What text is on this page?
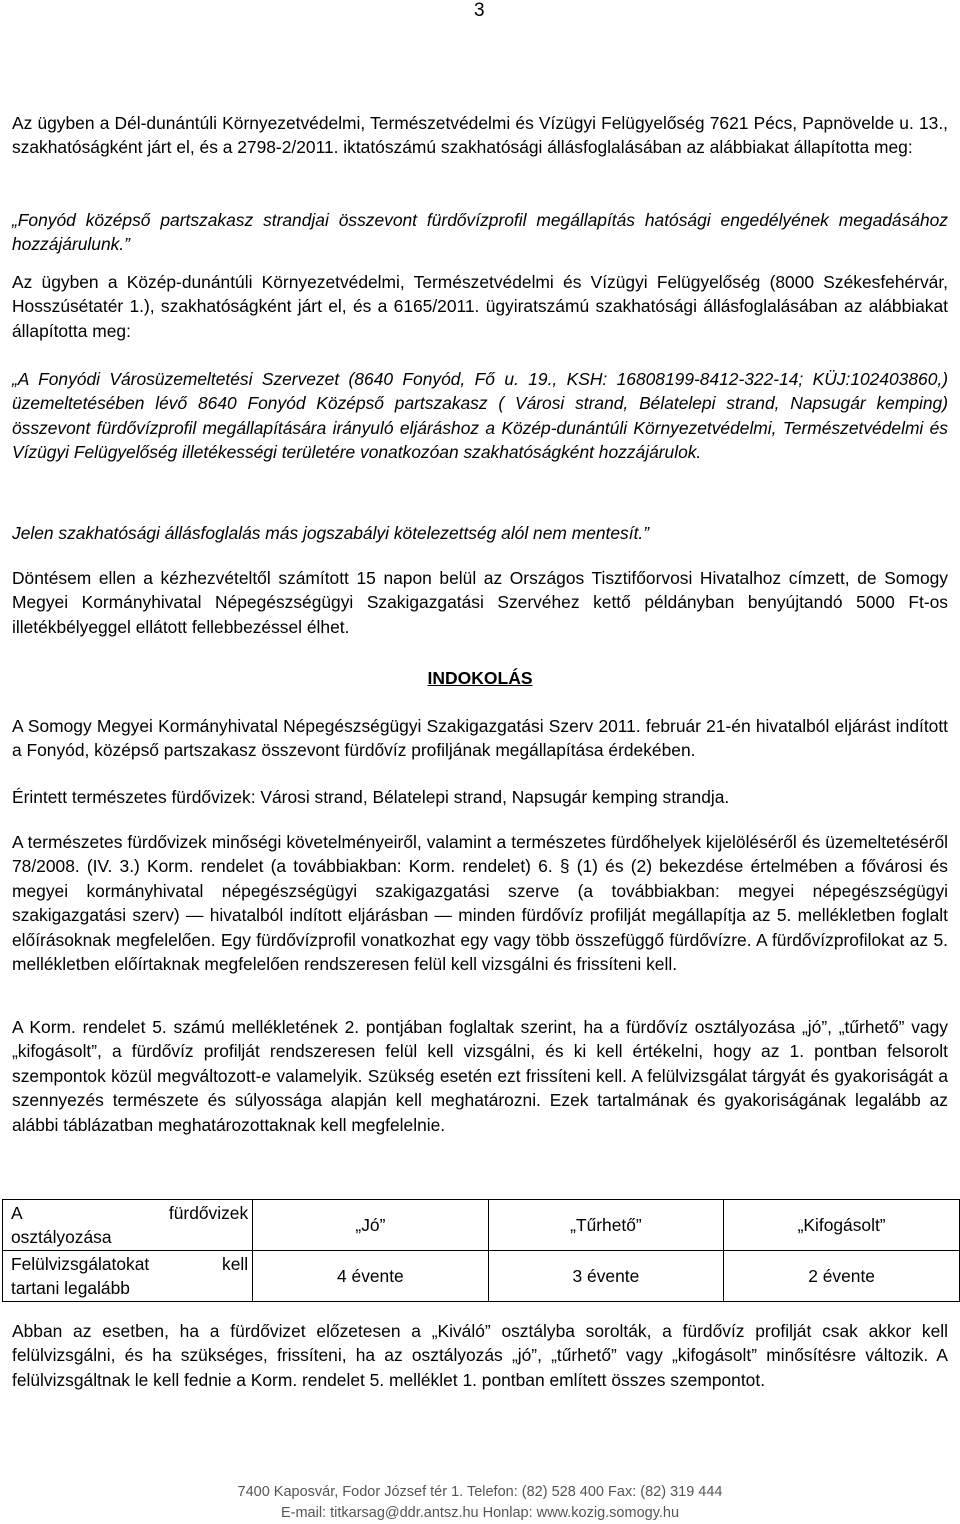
3

Az ügyben a Dél-dunántúli Környezetvédelmi, Természetvédelmi és Vízügyi Felügyelőség 7621 Pécs, Papnövelde u. 13., szakhatóságként járt el, és a 2798-2/2011. iktatószámú szakhatósági állásfoglalásában az alábbiakat állapította meg:

„Fonyód középső partszakasz strandjai összevont fürdővízprofil megállapítás hatósági engedélyének megadásához hozzájárulunk.”

Az ügyben a Közép-dunántúli Környezetvédelmi, Természetvédelmi és Vízügyi Felügyelőség (8000 Székesfehérvár, Hosszúsétatér 1.), szakhatóságként járt el, és a 6165/2011. ügyiratszámú szakhatósági állásfoglalásában az alábbiakat állapította meg:

„A Fonyódi Városüzemeltetési Szervezet (8640 Fonyód, Fő u. 19., KSH: 16808199-8412-322-14; KÜJ:102403860,) üzemeltetésében lévő 8640 Fonyód Középső partszakasz ( Városi strand, Bélatelepi strand, Napsugár kemping) összevont fürdővízprofil megállapítására irányuló eljáráshoz a Közép-dunántúli Környezetvédelmi, Természetvédelmi és Vízügyi Felügyelőség illetékességi területére vonatkozóan szakhatóságként hozzájárulok.

Jelen szakhatósági állásfoglalás más jogszabályi kötelezettség alól nem mentesít.”

Döntésem ellen a kézhezvételtől számított 15 napon belül az Országos Tisztifőorvosi Hivatalhoz címzett, de Somogy Megyei Kormányhivatal Népegészségügyi Szakigazgatási Szervéhez kettő példányban benyújtandó 5000 Ft-os illetékbélyeggel ellátott fellebbezéssel élhet.

INDOKOLÁS

A Somogy Megyei Kormányhivatal Népegészségügyi Szakigazgatási Szerv 2011. február 21-én hivatalból eljárást indított a Fonyód, középső partszakasz összevont fürdővíz profiljának megállapítása érdekében.

Érintett természetes fürdővizek: Városi strand, Bélatelepi strand, Napsugár kemping strandja.

A természetes fürdővizek minőségi követelményeiről, valamint a természetes fürdőhelyek kijelöléséről és üzemeltetéséről 78/2008. (IV. 3.) Korm. rendelet (a továbbiakban: Korm. rendelet) 6. § (1) és (2) bekezdése értelmében a fővárosi és megyei kormányhivatal népegészségügyi szakigazgatási szerve (a továbbiakban: megyei népegészségügyi szakigazgatási szerv) — hivatalból indított eljárásban — minden fürdővíz profilját megállapítja az 5. mellékletben foglalt előírásoknak megfelelően. Egy fürdővízprofil vonatkozhat egy vagy több összefüggő fürdővízre. A fürdővízprofilokat az 5. mellékletben előírtaknak megfelelően rendszeresen felül kell vizsgálni és frissíteni kell.

A Korm. rendelet 5. számú mellékletének 2. pontjában foglaltak szerint, ha a fürdővíz osztályozása „jó”, „tűrhető” vagy „kifogásolt”, a fürdővíz profilját rendszeresen felül kell vizsgálni, és ki kell értékelni, hogy az 1. pontban felsorolt szempontok közül megváltozott-e valamelyik. Szükség esetén ezt frissíteni kell. A felülvizsgálat tárgyát és gyakoriságát a szennyezés természete és súlyossága alapján kell meghatározni. Ezek tartalmának és gyakoriságának legalább az alábbi táblázatban meghatározottaknak kell megfelelnie.

A fürdővizek
osztályozása	„Jó”	„Tűrhető”	„Kifogásolt”
Felülvizsgálatokat kell
tartani legalább	4 évente	3 évente	2 évente

Abban az esetben, ha a fürdővizet előzetesen a „Kiváló” osztályba sorolták, a fürdővíz profilját csak akkor kell felülvizsgálni, és ha szükséges, frissíteni, ha az osztályozás „jó”, „tűrhető” vagy „kifogásolt” minősítésre változik. A felülvizsgáltnak le kell fednie a Korm. rendelet 5. melléklet 1. pontban említett összes szempontot.

7400 Kaposvár, Fodor József tér 1. Telefon: (82) 528 400 Fax: (82) 319 444
E-mail: titkarsag@ddr.antsz.hu Honlap: www.kozig.somogy.hu
